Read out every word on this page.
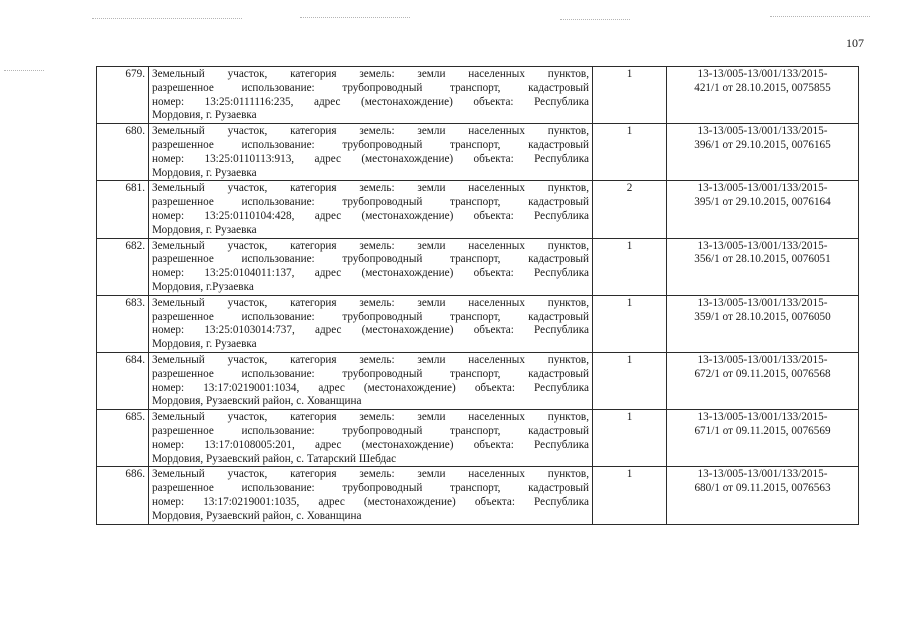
107
679.	Земельный участок, категория земель: земли населенных пунктов,
разрешенное использование: трубопроводный транспорт, кадастровый
номер: 13:25:0111116:235, адрес (местонахождение) объекта: Республика
Мордовия, г. Рузаевка	1	13-13/005-13/001/133/2015-
421/1 от 28.10.2015, 0075855

680.	Земельный участок, категория земель: земли населенных пунктов,
разрешенное использование: трубопроводный транспорт, кадастровый
номер: 13:25:0110113:913, адрес (местонахождение) объекта: Республика
Мордовия, г. Рузаевка	1	13-13/005-13/001/133/2015-
396/1 от 29.10.2015, 0076165

681.	Земельный участок, категория земель: земли населенных пунктов,
разрешенное использование: трубопроводный транспорт, кадастровый
номер: 13:25:0110104:428, адрес (местонахождение) объекта: Республика
Мордовия, г. Рузаевка	2	13-13/005-13/001/133/2015-
395/1 от 29.10.2015, 0076164

682.	Земельный участок, категория земель: земли населенных пунктов,
разрешенное использование: трубопроводный транспорт, кадастровый
номер: 13:25:0104011:137, адрес (местонахождение) объекта: Республика
Мордовия, г.Рузаевка	1	13-13/005-13/001/133/2015-
356/1 от 28.10.2015, 0076051

683.	Земельный участок, категория земель: земли населенных пунктов,
разрешенное использование: трубопроводный транспорт, кадастровый
номер: 13:25:0103014:737, адрес (местонахождение) объекта: Республика
Мордовия, г. Рузаевка	1	13-13/005-13/001/133/2015-
359/1 от 28.10.2015, 0076050

684.	Земельный участок, категория земель: земли населенных пунктов,
разрешенное использование: трубопроводный транспорт, кадастровый
номер: 13:17:0219001:1034, адрес (местонахождение) объекта: Республика
Мордовия, Рузаевский район, с. Хованщина	1	13-13/005-13/001/133/2015-
672/1 от 09.11.2015, 0076568

685.	Земельный участок, категория земель: земли населенных пунктов,
разрешенное использование: трубопроводный транспорт, кадастровый
номер: 13:17:0108005:201, адрес (местонахождение) объекта: Республика
Мордовия, Рузаевский район, с. Татарский Шебдас	1	13-13/005-13/001/133/2015-
671/1 от 09.11.2015, 0076569

686.	Земельный участок, категория земель: земли населенных пунктов,
разрешенное использование: трубопроводный транспорт, кадастровый
номер: 13:17:0219001:1035, адрес (местонахождение) объекта: Республика
Мордовия, Рузаевский район, с. Хованщина	1	13-13/005-13/001/133/2015-
680/1 от 09.11.2015, 0076563
